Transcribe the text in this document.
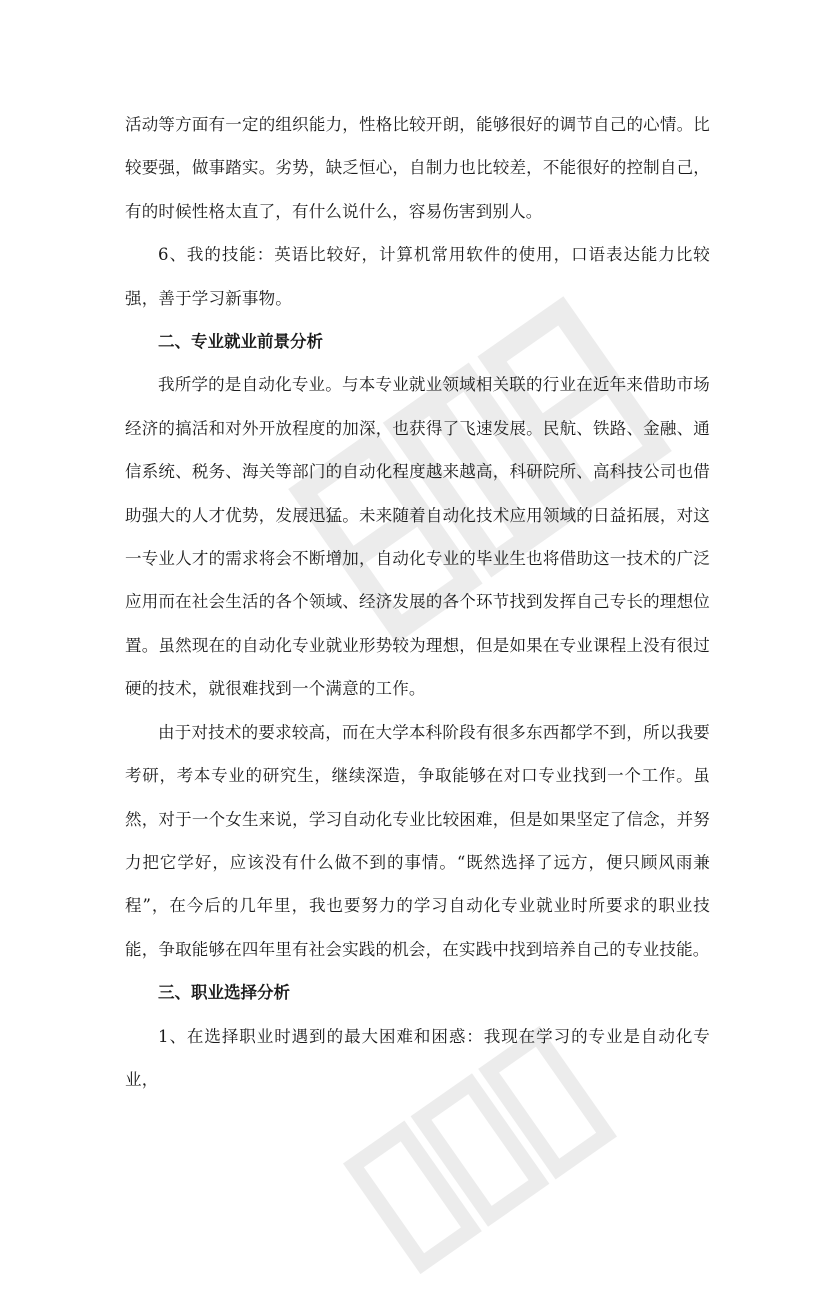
活动等方面有一定的组织能力，性格比较开朗，能够很好的调节自己的心情。比较要强，做事踏实。劣势，缺乏恒心，自制力也比较差，不能很好的控制自己，有的时候性格太直了，有什么说什么，容易伤害到别人。

6、我的技能：英语比较好，计算机常用软件的使用，口语表达能力比较强，善于学习新事物。

二、专业就业前景分析

我所学的是自动化专业。与本专业就业领域相关联的行业在近年来借助市场经济的搞活和对外开放程度的加深，也获得了飞速发展。民航、铁路、金融、通信系统、税务、海关等部门的自动化程度越来越高，科研院所、高科技公司也借助强大的人才优势，发展迅猛。未来随着自动化技术应用领域的日益拓展，对这一专业人才的需求将会不断增加，自动化专业的毕业生也将借助这一技术的广泛应用而在社会生活的各个领域、经济发展的各个环节找到发挥自己专长的理想位置。虽然现在的自动化专业就业形势较为理想，但是如果在专业课程上没有很过硬的技术，就很难找到一个满意的工作。

由于对技术的要求较高，而在大学本科阶段有很多东西都学不到，所以我要考研，考本专业的研究生，继续深造，争取能够在对口专业找到一个工作。虽然，对于一个女生来说，学习自动化专业比较困难，但是如果坚定了信念，并努力把它学好，应该没有什么做不到的事情。“既然选择了远方，便只顾风雨兼程”，在今后的几年里，我也要努力的学习自动化专业就业时所要求的职业技能，争取能够在四年里有社会实践的机会，在实践中找到培养自己的专业技能。

三、职业选择分析

1、在选择职业时遇到的最大困难和困惑：我现在学习的专业是自动化专业，
